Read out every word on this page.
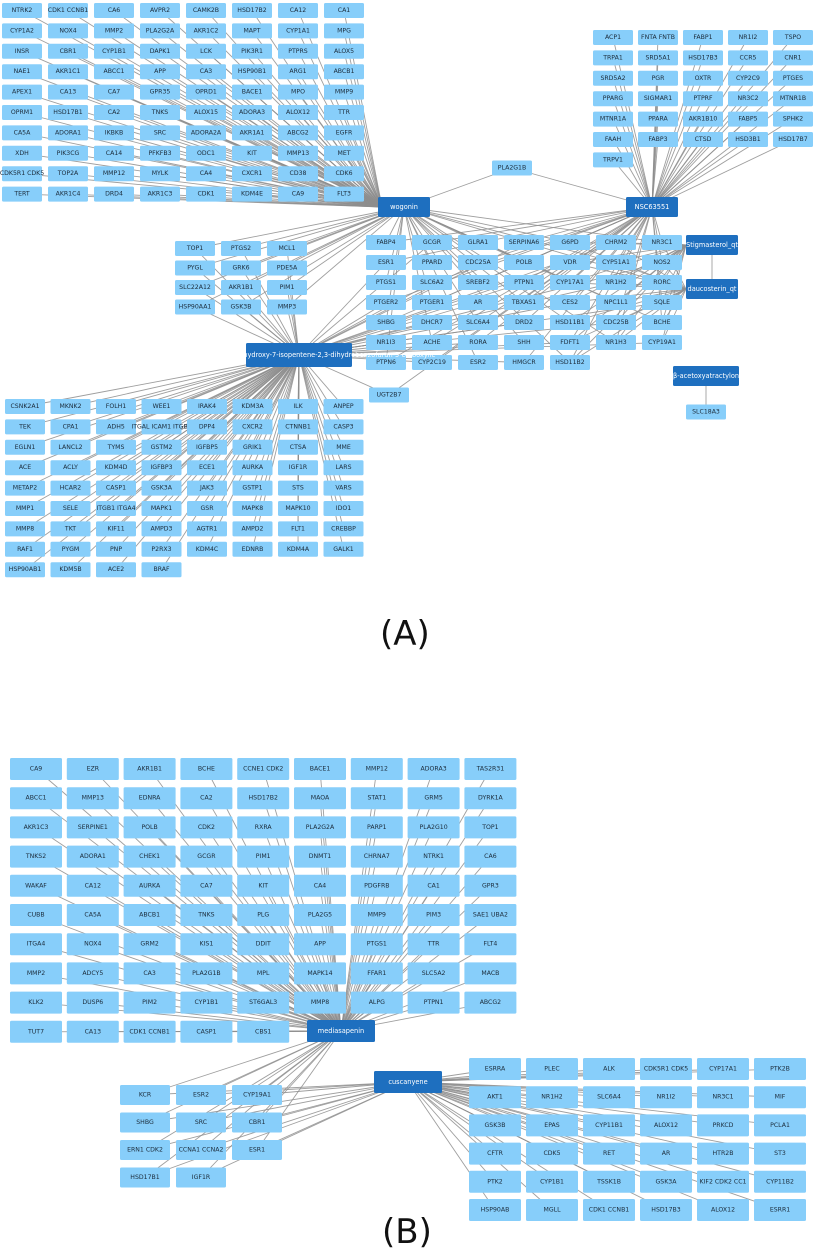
NTRK2 CDK1 CCNB1	CA6	AVPR2	CAMK2B	HSD17B2	CA12	CA1
CYP1A2	NOX4	MMP2	PLA2G2A	AKR1C2	MAPT	CYP1A1	MPG
INSR	CBR1	CYP1B1	DAPK1	LCK	PIK3R1	PTPRS	ALOX5
NAE1	AKR1C1	ABCC1	APP	CA3	HSP90B1	ARG1	ABCB1
APEX1	CA13	CA7	GPR35	OPRD1	BACE1	MPO	MMP9
OPRM1	HSD17B1	CA2	TNKS	ALOX15	ADORA3	ALOX12	TTR
CA5A	ADORA1	IKBKB	SRC	ADORA2A	AKR1A1	ABCG2	EGFR
XDH	PIK3CG	CA14	PFKFB3	ODC1	KIT	MMP13	MET
CDK5R1 CDK5 TOP2A	MMP12	MYLK	CA4	CXCR1	CD38	CDK6
TERT	AKR1C4	DRD4	AKR1C3	CDK1	KDM4E	CA9	FLT3
ACP1	FNTA FNTB	FABP1	NR1I2	TSPO
TRPA1	SRD5A1	HSD17B3	CCR5	CNR1
SRD5A2	PGR	OXTR	CYP2C9	PTGES
PPARG	SIGMAR1	PTPRF	NR3C2	MTNR1B
MTNR1A	PPARA	AKR1B10	FABP5	SPHK2
FAAH	FABP3	CTSD	HSD3B1	HSD17B7
TRPV1
TOP1	PTGS2	MCL1
PYGL	GRK6	PDE5A
SLC22A12	AKR1B1	PIM1
HSP90AA1	GSK3B	MMP3
FABP4	GCGR	GLRA1	SERPINA6	G6PD	CHRM2	NR3C1
ESR1	PPARD	CDC25A	POLB	VDR	CYP51A1	NOS2
PTGS1	SLC6A2	SREBF2	PTPN1	CYP17A1	NR1H2	RORC
PTGER2	PTGER1	AR	TBXAS1	CES2	NPC1L1	SQLE
SHBG	DHCR7	SLC6A4	DRD2	HSD11B1	CDC25B	BCHE
NR1I3	ACHE	RORA	SHH	FDFT1	NR1H3	CYP19A1
PTPN6	CYP2C19	ESR2	HMGCR	HSD11B2
CSNK2A1	MKNK2	FOLH1	WEE1	IRAK4	KDM3A	ILK	ANPEP
TEK	CPA1	ADH5 ITGAL ICAM1 ITGB2 DPP4	CXCR2	CTNNB1	CASP3
EGLN1	LANCL2	TYMS	GSTM2	IGFBP5	GRIK1	CTSA	MME
ACE	ACLY	KDM4D	IGFBP3	ECE1	AURKA	IGF1R	LARS
METAP2	HCAR2	CASP1	GSK3A	JAK3	GSTP1	STS	VARS
MMP1	SELE	ITGB1 ITGA4 MAPK1	GSR	MAPK8	MAPK10	IDO1
MMP8	TKT	KIF11	AMPD3	AGTR1	AMPD2	FLT1	CREBBP
RAF1	PYGM	PNP	P2RX3	KDM4C	EDNRB	KDM4A	GALK1
HSP90AB1	KDM5B	ACE2	BRAF
PLA2G1B
UGT2B7
SLC18A3
wogonin	NSC63551
Stigmasterol_qt
daucosterin_qt
2-Hydroxyisoxypropyl-3-hydroxy-7-isopentene-2,3-dihydrobenzofuran-5-carboxylic
3β-acetoxyatractylone
CA9	EZR	AKR1B1	BCHE	CCNE1 CDK2	BACE1	MMP12	ADORA3	TAS2R31
ABCC1	MMP13	EDNRA	CA2	HSD17B2	MAOA	STAT1	GRM5	DYRK1A
AKR1C3	SERPINE1	POLB	CDK2	RXRA	PLA2G2A	PARP1	PLA2G10	TOP1
TNKS2	ADORA1	CHEK1	GCGR	PIM1	DNMT1	CHRNA7	NTRK1	CA6
WAKAF	CA12	AURKA	CA7	KIT	CA4	PDGFRB	CA1	GPR3
CUBB	CA5A	ABCB1	TNKS	PLG	PLA2G5	MMP9	PIM3	SAE1 UBA2
ITGA4	NOX4	GRM2	KIS1	DDIT	APP	PTGS1	TTR	FLT4
MMP2	ADCY5	CA3	PLA2G1B	MPL	MAPK14	FFAR1	SLC5A2	MACB
KLK2	DUSP6	PIM2	CYP1B1	ST6GAL3	MMP8	ALPG	PTPN1	ABCG2
TUT7	CA13	CDK1 CCNB1	CASP1	CBS1
KCR	ESR2	CYP19A1
SHBG	SRC	CBR1
ERN1 CDK2	CCNA1 CCNA2	ESR1
HSD17B1	IGF1R
ESRRA	PLEC	ALK	CDK5R1 CDK5	CYP17A1	PTK2B
AKT1	NR1H2	SLC6A4	NR1I2	NR3C1	MIF
GSK3B	EPAS	CYP11B1	ALOX12	PRKCD	PCLA1
CFTR	CDK5	RET	AR	HTR2B	ST3
PTK2	CYP1B1	TSSK1B	GSK3A	KIF2 CDK2 CC1	CYP11B2
HSP90AB	MGLL	CDK1 CCNB1	HSD17B3	ALOX12	ESRR1
mediasapenin
cuscanyene
(A)
(B)
